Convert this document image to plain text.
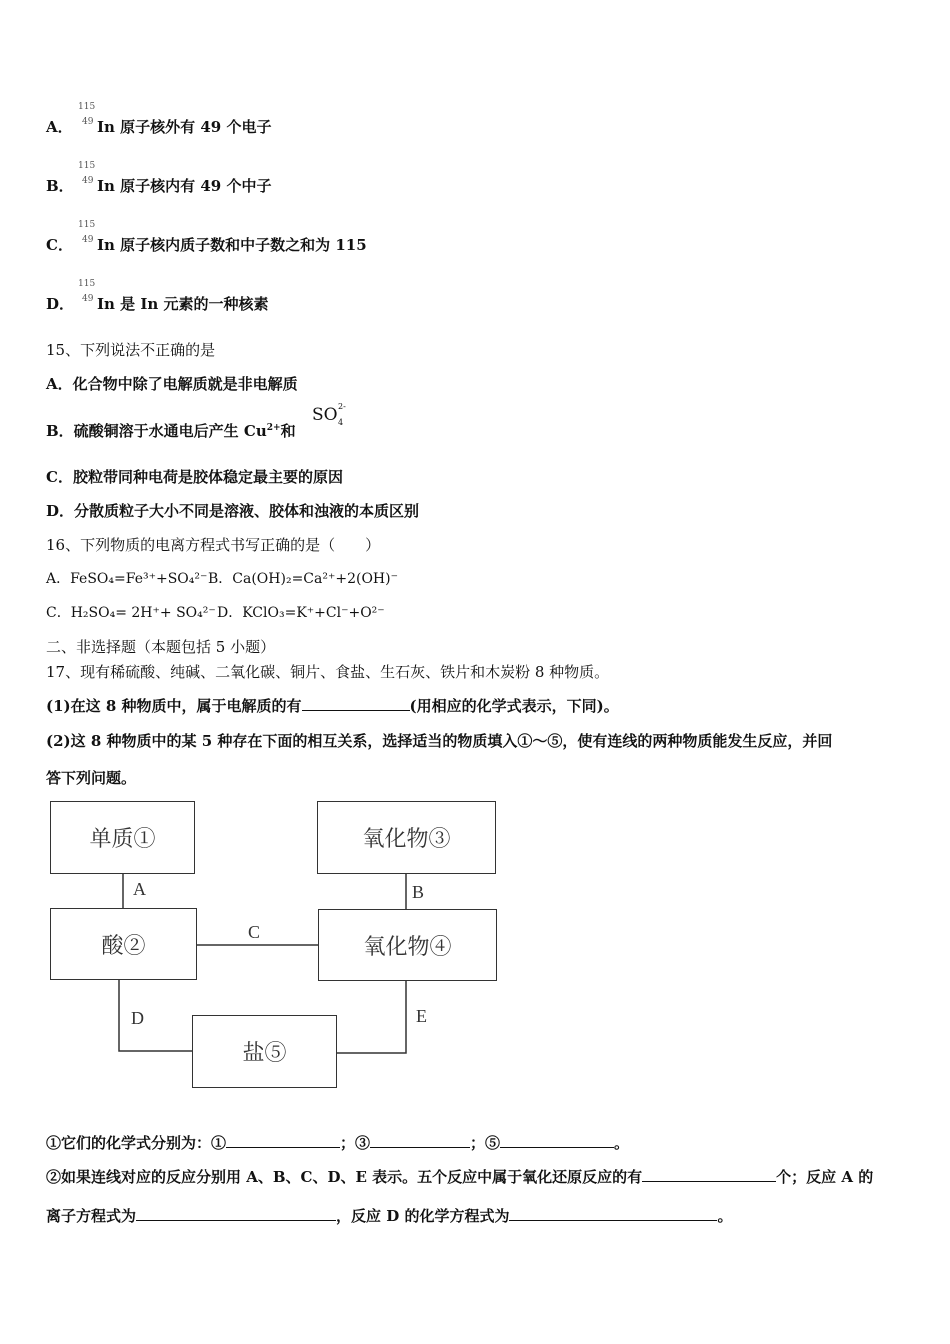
115
49
A． In 原子核外有 49 个电子
115
49
B． In 原子核内有 49 个中子
115
49
C． In 原子核内质子数和中子数之和为 115
115
49
D． In 是 In 元素的一种核素
15、下列说法不正确的是
A．化合物中除了电解质就是非电解质
B．硫酸铜溶于水通电后产生 $Cu^{2+}$和
SO 2-
4
C．胶粒带同种电荷是胶体稳定最主要的原因
D．分散质粒子大小不同是溶液、胶体和浊液的本质区别
16、下列物质的电离方程式书写正确的是（　　）
A．FeSO₄=Fe³⁺+SO₄²⁻ B．Ca(OH)₂=Ca²⁺+2(OH)⁻
C．H₂SO₄= 2H⁺+ SO₄²⁻ D．KClO₃=K⁺+Cl⁻+O²⁻
二、非选择题（本题包括 5 小题）
17、现有稀硫酸、纯碱、二氧化碳、铜片、食盐、生石灰、铁片和木炭粉 8 种物质。
(1)在这 8 种物质中，属于电解质的有	(用相应的化学式表示，下同)。
(2)这 8 种物质中的某 5 种存在下面的相互关系，选择适当的物质填入①～⑤，使有连线的两种物质能发生反应，并回
答下列问题。
单质①
酸②
氧化物③
氧化物④
盐⑤
A	B
C
D	E
①它们的化学式分别为：①	；③	；⑤	。
②如果连线对应的反应分别用 A、B、C、D、E 表示。五个反应中属于氧化还原反应的有	个；反应 A 的
离子方程式为	，反应 D 的化学方程式为	。
